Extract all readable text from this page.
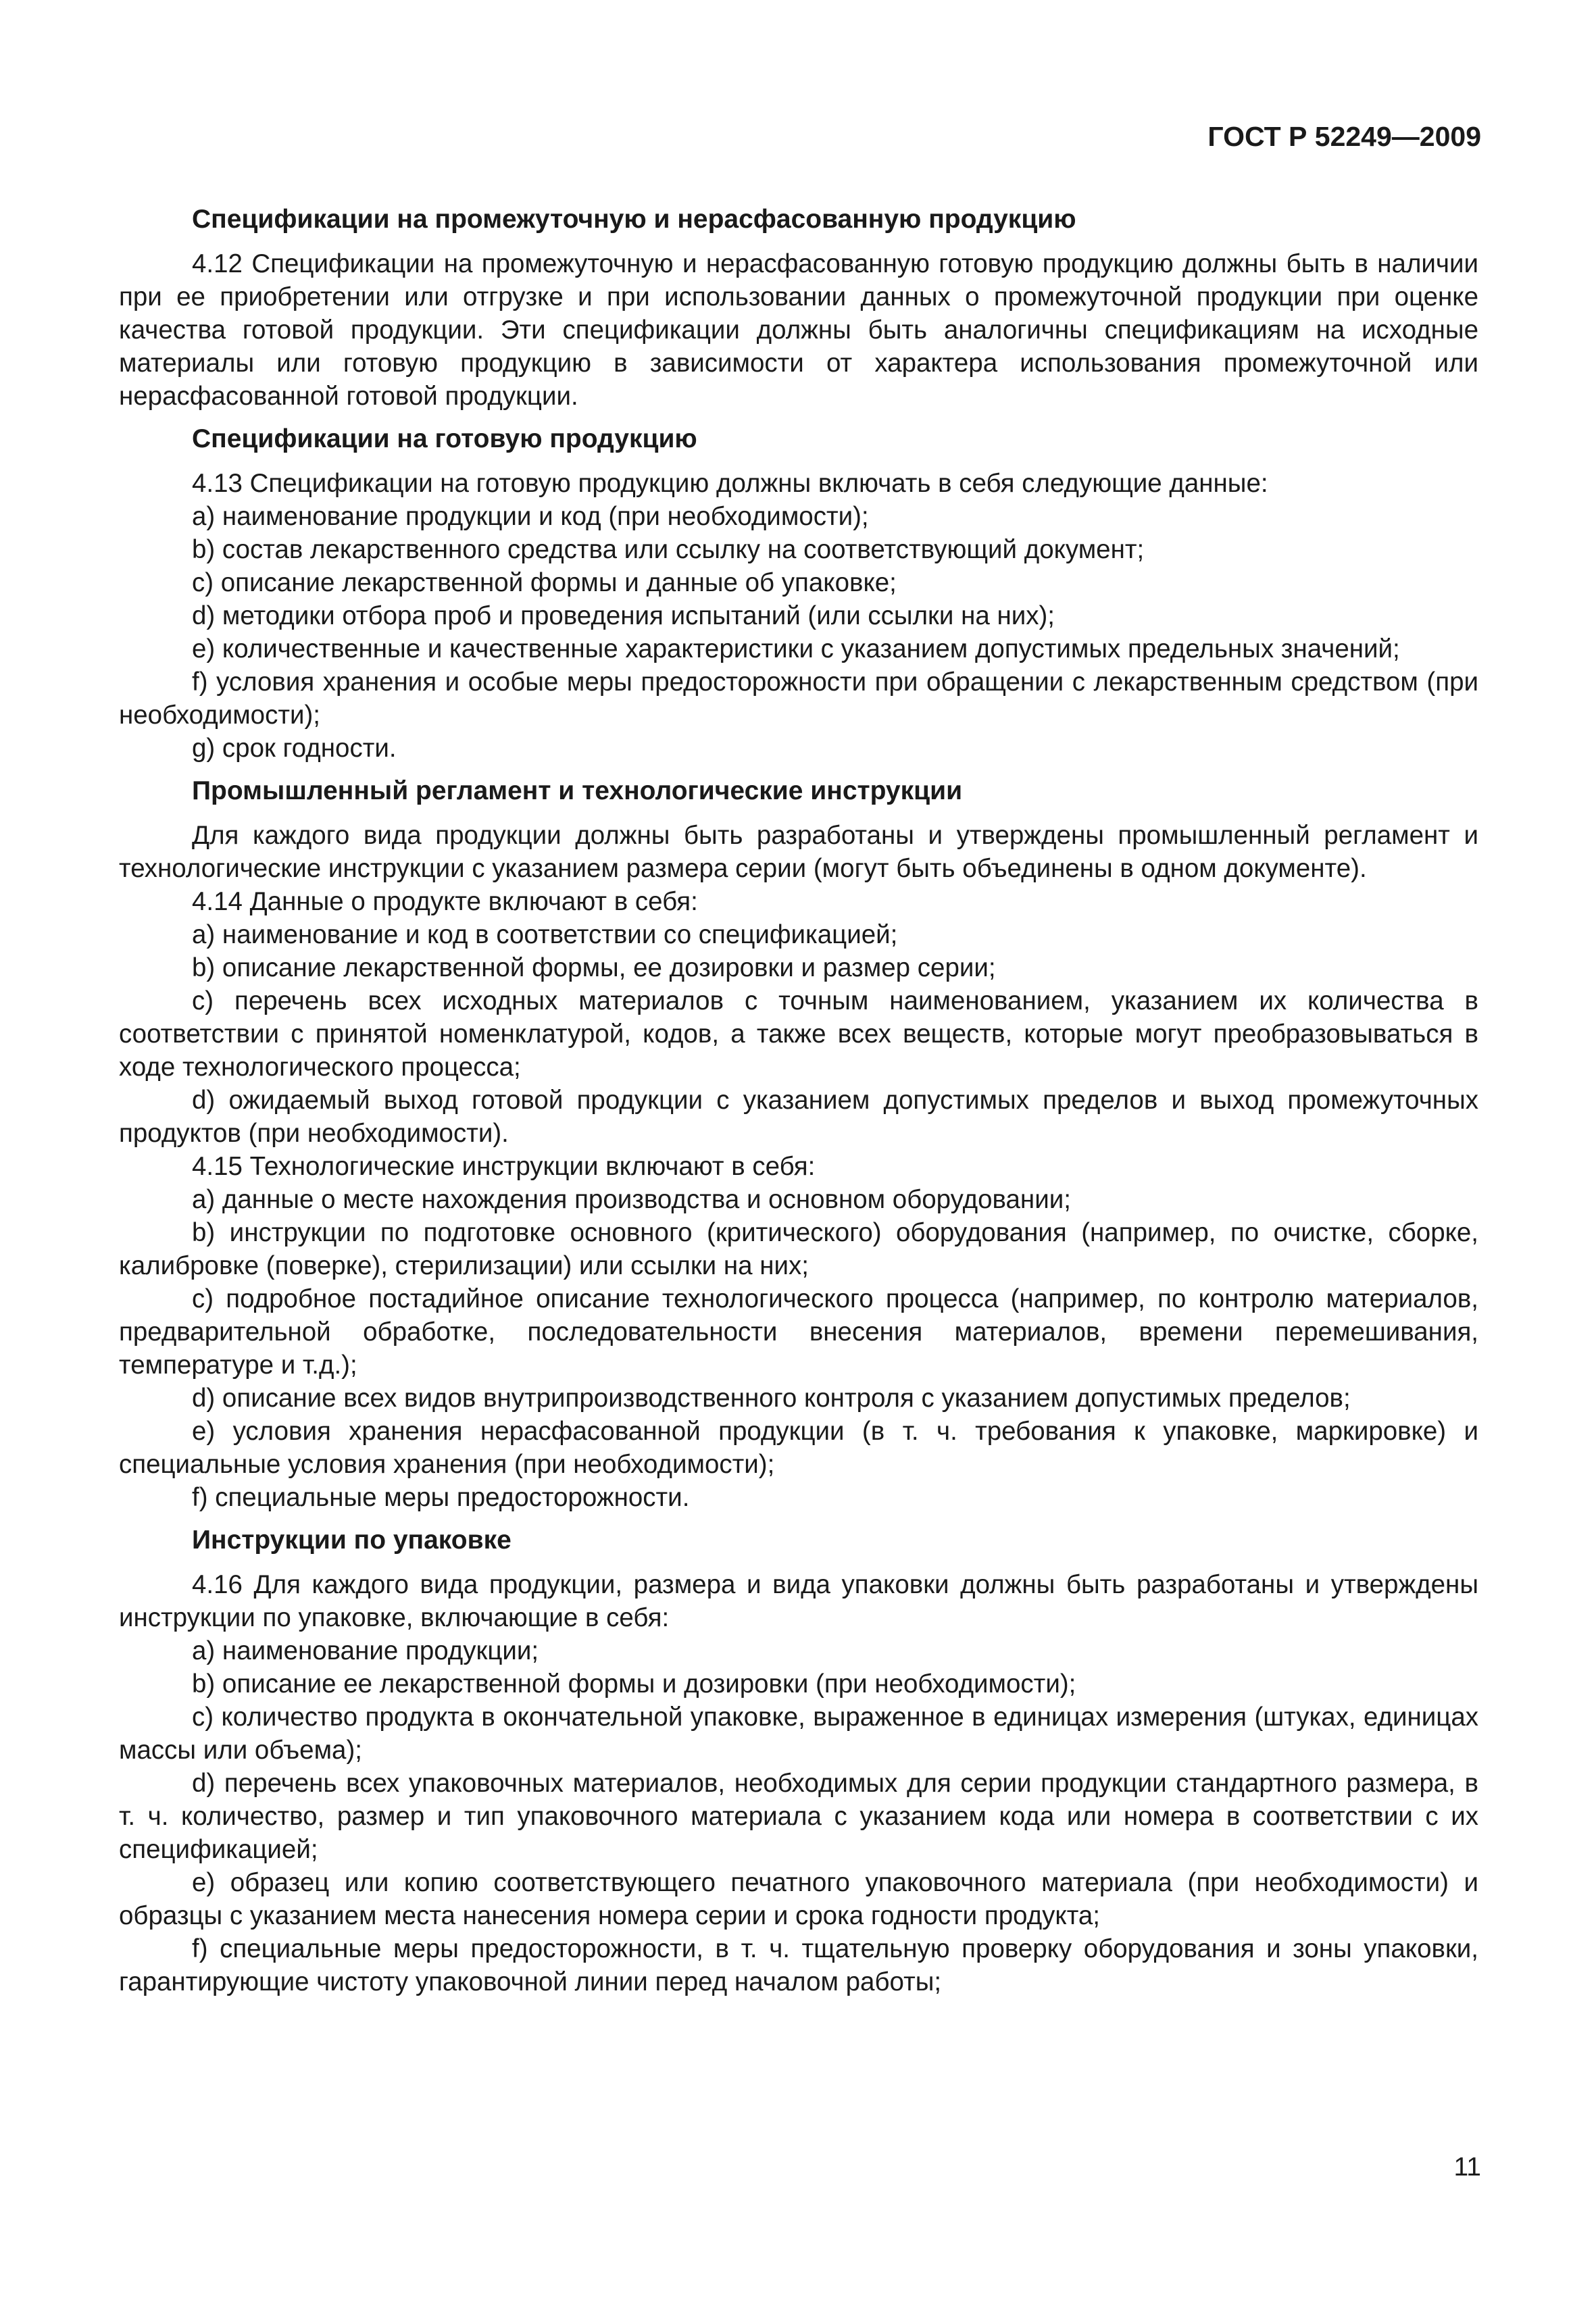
ГОСТ Р 52249—2009
Спецификации на промежуточную и нерасфасованную продукцию
4.12 Спецификации на промежуточную и нерасфасованную готовую продукцию должны быть в наличии при ее приобретении или отгрузке и при использовании данных о промежуточной продукции при оценке качества готовой продукции. Эти спецификации должны быть аналогичны спецификациям на исходные материалы или готовую продукцию в зависимости от характера использования промежуточной или нерасфасованной готовой продукции.
Спецификации на готовую продукцию
4.13 Спецификации на готовую продукцию должны включать в себя следующие данные:
a) наименование продукции и код (при необходимости);
b) состав лекарственного средства или ссылку на соответствующий документ;
c) описание лекарственной формы и данные об упаковке;
d) методики отбора проб и проведения испытаний (или ссылки на них);
e) количественные и качественные характеристики с указанием допустимых предельных значений;
f) условия хранения и особые меры предосторожности при обращении с лекарственным средством (при необходимости);
g) срок годности.
Промышленный регламент и технологические инструкции
Для каждого вида продукции должны быть разработаны и утверждены промышленный регламент и технологические инструкции с указанием размера серии (могут быть объединены в одном документе).
4.14 Данные о продукте включают в себя:
a) наименование и код в соответствии со спецификацией;
b) описание лекарственной формы, ее дозировки и размер серии;
c) перечень всех исходных материалов с точным наименованием, указанием их количества в соответствии с принятой номенклатурой, кодов, а также всех веществ, которые могут преобразовываться в ходе технологического процесса;
d) ожидаемый выход готовой продукции с указанием допустимых пределов и выход промежуточных продуктов (при необходимости).
4.15 Технологические инструкции включают в себя:
a) данные о месте нахождения производства и основном оборудовании;
b) инструкции по подготовке основного (критического) оборудования (например, по очистке, сборке, калибровке (поверке), стерилизации) или ссылки на них;
c) подробное постадийное описание технологического процесса (например, по контролю материалов, предварительной обработке, последовательности внесения материалов, времени перемешивания, температуре и т.д.);
d) описание всех видов внутрипроизводственного контроля с указанием допустимых пределов;
e) условия хранения нерасфасованной продукции (в т. ч. требования к упаковке, маркировке) и специальные условия хранения (при необходимости);
f) специальные меры предосторожности.
Инструкции по упаковке
4.16 Для каждого вида продукции, размера и вида упаковки должны быть разработаны и утверждены инструкции по упаковке, включающие в себя:
a) наименование продукции;
b) описание ее лекарственной формы и дозировки (при необходимости);
c) количество продукта в окончательной упаковке, выраженное в единицах измерения (штуках, единицах массы или объема);
d) перечень всех упаковочных материалов, необходимых для серии продукции стандартного размера, в т. ч. количество, размер и тип упаковочного материала с указанием кода или номера в соответствии с их спецификацией;
e) образец или копию соответствующего печатного упаковочного материала (при необходимости) и образцы с указанием места нанесения номера серии и срока годности продукта;
f) специальные меры предосторожности, в т. ч. тщательную проверку оборудования и зоны упаковки, гарантирующие чистоту упаковочной линии перед началом работы;
11
